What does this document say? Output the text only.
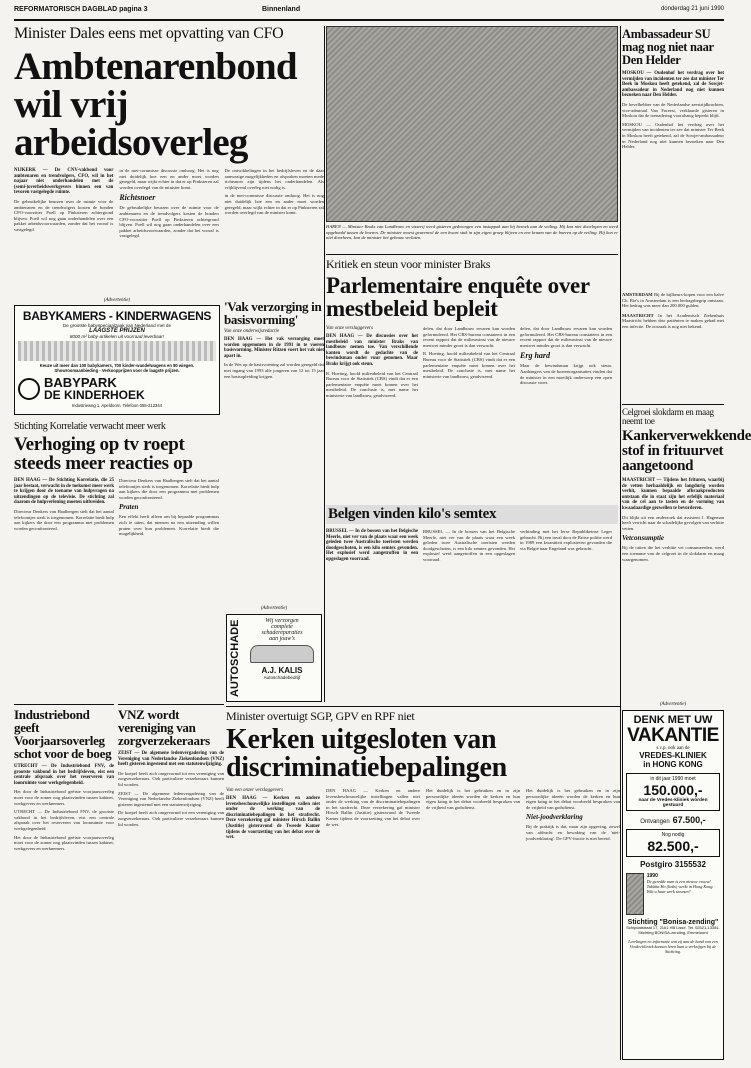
REFORMATORISCH DAGBLAD pagina 3	Binnenland	donderdag 21 juni 1990
Minister Dales eens met opvatting van CFO
Ambtenarenbond wil vrij arbeidsoverleg
NIJKERK — De CNV-vakbond voor ambtenaren en trendvolgers, CFO, wil in het najaar niet onderhandelen met de (semi-)overheidswerkgevers binnen een van tevoren vastgelegde ruimte.
De gebruikelijke beurzen over de ruimte voor de ambtenaren en de trendvolgers kosten de bonden CFO-voorzitter Poell op Pinksteren achtergrond blijven. Poell wil nog gaan onderhandelen over een pakket arbeidsvoorwaarden, zonder dat het vooraf is vastgelegd.
in de met-cornmisse discussie omhoog. Het is nog niet duidelijk hoe een en ander moet worden geregeld, maar wijkt echter in dat er op Pinksteren zal worden overlegd van de minister komt.
Richtsnoer
De gebruikelijke beurzen over de ruimte voor de ambtenaren en de trendvolgers kosten de bonden CFO-voorzitter Poell op Pinksteren achtergrond blijven. Poell wil nog gaan onderhandelen over een pakket arbeidsvoorwaarden, zonder dat het vooraf is vastgelegd.
De ontwikkelingen in het bedrijfsleven en de daar aanwezige mogelijkheden en afspraken moeten mede richtsnoer zijn tijdens het onderhandelen. Als vrijblijvend overleg niet nodig is.
in de met-cornmisse discussie omhoog. Het is nog niet duidelijk hoe een en ander moet worden geregeld, maar wijkt echter in dat er op Pinksteren zal worden overlegd van de minister komt.
HAREN — Minister Braks van Landbouw en visserij werd gisteren gedwongen een instappak aan bij bezoek aan de veiling. Hij kon niet doorlopen en werd opgehaald tussen de boeren. De minister moest geurenvol de een kwart stuk in zijn eigen groep blijven en een kraam van de boeren op de veiling. Hij kon er niet doorheen, kon de minister het gebouw verlaten.
Ambassadeur SU mag nog niet naar Den Helder
MOSKOU — Oudenhof het verdrag over het vermijden van incidenten ter zee dat minister Ter Beek in Moskou heeft getekend, zal de Sowjet-ambassadeur in Nederland nog niet kunnen bezoeken naar Den Helder.
De bevelhebber van de Nederlandse zeestrijdkrachten, vice-admiraal Van Foreest, verklaarde gisteren in Moskou dat de toenadering vooralsnog beperkt blijft.
MOSKOU — Oudenhof het verdrag over het vermijden van incidenten ter zee dat minister Ter Beek in Moskou heeft getekend, zal de Sowjet-ambassadeur in Nederland nog niet kunnen bezoeken naar Den Helder.
Kritiek en steun voor minister Braks
Parlementaire enquête over mestbeleid bepleit
Van onze verslaggevers
DEN HAAG — De discussies over het mestbeleid van minister Braks van landbouw nemen toe. Van verschillende kanten wordt de gedachte van de bewindsman onder vuur genomen. Maar Braks krijgt ook steun.
R. Hoeting, hoofd milieubeleid van het Centraal Bureau voor de Statistiek (CBS) vindt dat er een parlementaire enquête moet komen over het mestbeleid. De conclusie is, met name het ministerie van landbouw, geadviseerd.
delen, dat door Landbouw ervaren kan worden geformuleerd. Het CBS-bureau constateert in een recent rapport dat de milieuwinst van de nieuwe mestwet minder groot is dan verwacht.
R. Hoeting, hoofd milieubeleid van het Centraal Bureau voor de Statistiek (CBS) vindt dat er een parlementaire enquête moet komen over het mestbeleid. De conclusie is, met name het ministerie van landbouw, geadviseerd.
delen, dat door Landbouw ervaren kan worden geformuleerd. Het CBS-bureau constateert in een recent rapport dat de milieuwinst van de nieuwe mestwet minder groot is dan verwacht.
Erg hard
Maar de bewindsman krijgt ook steun. Aanhangers van de boerenorganisaties vinden dat de minister in een moeilijk onderwerp een open discussie voert.
AMSTERDAM Bij de bijlbeurs-kopen voor een halve Ch. Rie's in Amsterdam is een bedragsbegrip ontstaan. Het bedrag was meer dan 200.000 gulden.
MAASTRICHT In het Academisch Ziekenhuis Maastricht hebben drie patiënten te maken gehad met een infectie. De oorzaak is nog niet bekend.
Celgroei slokdarm en maag neemt toe
Kankerverwekkende stof in frituurvet aangetoond
MAASTRICHT — Tijdens het frituren, waarbij de vetten herhaaldelijk en langdurig worden verhit, kunnen bepaalde afbraakproducten ontstaan die in staat zijn het erfelijk materiaal van de cel aan te tasten en de vorming van kwaadaardige gezwellen te bevorderen.
Dit blijkt uit een onderzoek dat assistent J. Hageman heeft verricht naar de schadelijke gevolgen van verhitte vetten.
Vetconsumptie
Bij de ratten die het verhitte vet consumeerden, werd een toename van de celgroei in de slokdarm en maag waargenomen.
'Vak verzorging in basisvorming'
Van onze onderwijsredactie
DEN HAAG — Het vak verzorging moet worden opgenomen in de 1991 in te voeren basisvorming. Minister Ritzen voert het vak niet apart in.
In de Wet op de basisvorming zal worden geregeld dat met ingang van 1993 alle jongeren van 12 tot 15 jaar een basisopleiding krijgen.
(Advertentie)
BABYKAMERS - KINDERWAGENS
De grootste babyspeciaalzaak van Nederland met de
LAAGSTE PRIJZEN
8000 m² baby-artikelen uit voorraad leverbaar!
Keuze uit meer dan 100 babykamers, 700 kinder-wandelwagens en 80 wiegen. Showroomaanbieding - Verkoopprijzen voor de laagste prijzen.
BABYPARK
DE KINDERHOEK
Industrieweg 1, Apeldoorn. Telefoon 055-212344
Stichting Korrelatie verwacht meer werk
Verhoging op tv roept steeds meer reacties op
DEN HAAG — De Stichting Korrelatie, die 25 jaar bestaat, verwacht in de toekomst meer werk te krijgen door de toename van hulpvragen na uitzendingen op de televisie. De stichting zal daarom de hulpverlening moeten uitbreiden.
Directeur Denkers van Haalbergen stelt dat het aantal telefoontjes sterk is toegenomen. Korrelatie biedt hulp aan kijkers die door een programma met problemen worden geconfronteerd.
Directeur Denkers van Haalbergen stelt dat het aantal telefoontjes sterk is toegenomen. Korrelatie biedt hulp aan kijkers die door een programma met problemen worden geconfronteerd.
Praten
Een effekt heeft alleen om bij bepaalde programmas zich te uiten, dat mensen na een uitzending willen praten over hun problemen. Korrelatie biedt die mogelijkheid.
Belgen vinden kilo's semtex
BRUSSEL — In de bossen van het Belgische Meerle, niet ver van de plaats waar een week geleden twee Australische toeristen werden doodgeschoten, is een kilo semtex gevonden. Het explosief werd aangetroffen in een opgeslagen voorraad.
BRUSSEL — In de bossen van het Belgische Meerle, niet ver van de plaats waar een week geleden twee Australische toeristen werden doodgeschoten, is een kilo semtex gevonden. Het explosief werd aangetroffen in een opgeslagen voorraad.
verbinding met het Ierse Republikeinse Leger gebracht. Bij een inval door de Britse politie werd in 1989 een kwantiteit explosieven gevonden die via België naar Engeland was gebracht.
(Advertentie)
AUTOSCHADE	Wij verzorgen
complete
schadereparaties
aan jouw's
A.J. KALIS
Autoschadebedrijf
Industriebond geeft Voorjaarsoverleg schot voor de boeg
UTRECHT — De Industriebond FNV, de grootste vakbond in het bedrijfsleven, eist een centrale afspraak over het reserveren van loonruimte voor werkgelegenheid.
Het door de Industriebond geëiste voorjaarsoverleg moet voor de zomer nog plaatsvinden tussen kabinet, werkgevers en werknemers.
UTRECHT — De Industriebond FNV, de grootste vakbond in het bedrijfsleven, eist een centrale afspraak over het reserveren van loonruimte voor werkgelegenheid.
Het door de Industriebond geëiste voorjaarsoverleg moet voor de zomer nog plaatsvinden tussen kabinet, werkgevers en werknemers.
VNZ wordt vereniging van zorgverzekeraars
ZEIST — De algemene ledenvergadering van de Vereniging van Nederlandse Ziekenfondsen (VNZ) heeft gisteren ingestemd met een statutenwijziging.
De koepel heeft zich omgevormd tot een vereniging van zorgverzekeraars. Ook particuliere verzekeraars kunnen lid worden.
ZEIST — De algemene ledenvergadering van de Vereniging van Nederlandse Ziekenfondsen (VNZ) heeft gisteren ingestemd met een statutenwijziging.
De koepel heeft zich omgevormd tot een vereniging van zorgverzekeraars. Ook particuliere verzekeraars kunnen lid worden.
Minister overtuigt SGP, GPV en RPF niet
Kerken uitgesloten van discriminatiebepalingen
Van een onzer verslaggevers
DEN HAAG — Kerken en andere levensbeschouwelijke instellingen vallen niet onder de werking van de discriminatiebepalingen in het strafrecht. Deze verzekering gaf minister Hirsch Ballin (Justitie) gisteravond de Tweede Kamer tijdens de voortzetting van het debat over de wet.
DEN HAAG — Kerken en andere levensbeschouwelijke instellingen vallen niet onder de werking van de discriminatiebepalingen in het strafrecht. Deze verzekering gaf minister Hirsch Ballin (Justitie) gisteravond de Tweede Kamer tijdens de voortzetting van het debat over de wet.
Het duidelijk is het gebruiken en in zijn persoonlijke ideeën worden de kerken en hun eigen kring in het debat voorbeeld besproken van de vrijheid van godsdienst.
Het duidelijk is het gebruiken en in zijn persoonlijke ideeën worden de kerken en hun eigen kring in het debat voorbeeld besproken van de vrijheid van godsdienst.
Niet-joodverklaring
Bij de praktijk is dat, maar zijn opgeving, zowel van afdracht en bewaking van de 'niet-joodverklaring'. De GPV-fractie is niet bereid.
(Advertentie)
DENK MET UW
VAKANTIE
s.v.p. ook aan de
VREDES-KLINIEK
in HONG KONG
in dit jaar 1990 moet
150.000,-
naar de Vredes-kliniek worden gestuurd
Ontvangen 67.500,-
Nog nodig
82.500,-
Postgiro 3155532
1990
De geredde man is een nieuwe vrouw! Tabitha Ho (links) werkt in Hong Kong. Wilt u haar werk steunen?
Stichting "Bonisa-zending"
Schipdatstraat 17, 2161 HB Lisse. Tel. 02521-13381. Stichting BONISA-zending, Emmeloord
Leerlingen en informatie wat zij aan de hand van een Vredes-kliniek kunnen leren kunt u verkrijgen bij de Stichting.
